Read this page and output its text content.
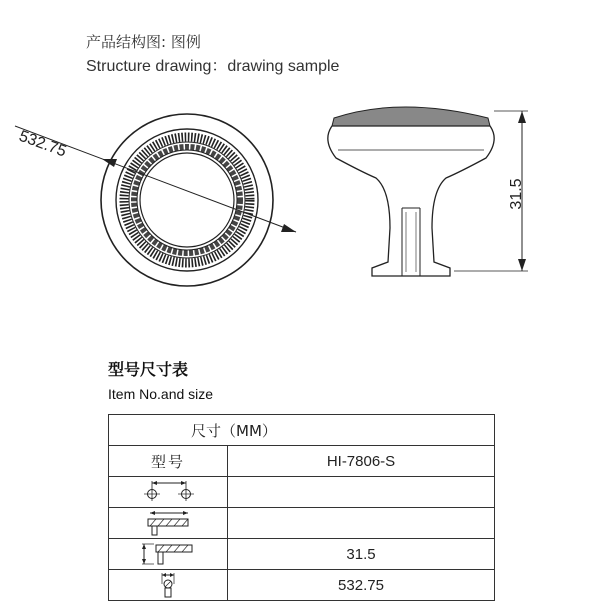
产品结构图: 图例
Structure drawing：drawing sample
532.75
31.5
型号尺寸表
Item No.and size
尺寸（MM）	
型号	HI-7806-S

	31.5

	532.75
